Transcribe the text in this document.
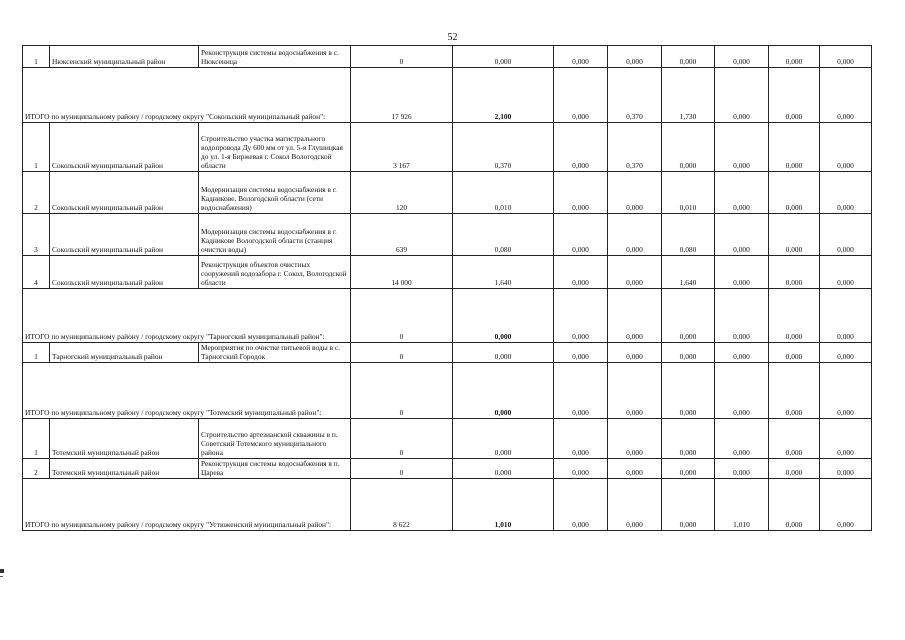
52
1	Нюксенский муниципальный район	Реконструкция системы водоснабжения в с. Нюксеница	0	0,000	0,000	0,000	0,000	0,000	0,000	0,000
ИТОГО по муниципальному району / городскому округу "Сокольский муниципальный район":			17 926	2,100	0,000	0,370	1,730	0,000	0,000	0,000
1	Сокольский муниципальный район	Строительство участка магистрального водопровода Ду 600 мм от ул. 5-я Глушицкая до ул. 1-я Биржевая г. Сокол Вологодской области	3 167	0,370	0,000	0,370	0,000	0,000	0,000	0,000
2	Сокольский муниципальный район	Модернизация системы водоснабжения в г. Кадникове, Вологодской области (сети водоснабжения)	120	0,010	0,000	0,000	0,010	0,000	0,000	0,000
3	Сокольский муниципальный район	Модернизация системы водоснабжения в г. Кадникове Вологодской области (станция очистки воды)	639	0,080	0,000	0,000	0,080	0,000	0,000	0,000
4	Сокольский муниципальный район	Реконструкция объектов очистных сооружений водозабора г. Сокол, Вологодской области	14 000	1,640	0,000	0,000	1,640	0,000	0,000	0,000
ИТОГО по муниципальному району / городскому округу "Тарногский муниципальный район":			0	0,000	0,000	0,000	0,000	0,000	0,000	0,000
1	Тарногский муниципальный район	Мероприятия по очистке питьевой воды в с. Тарногский Городок	0	0,000	0,000	0,000	0,000	0,000	0,000	0,000
ИТОГО по муниципальному району / городскому округу "Тотемский муниципальный район":			0	0,000	0,000	0,000	0,000	0,000	0,000	0,000
1	Тотемский муниципальный район	Строительство артезианской скважины в п. Советский Тотемского муниципального района	0	0,000	0,000	0,000	0,000	0,000	0,000	0,000
2	Тотемский муниципальный район	Реконструкция системы водоснабжения в п. Царева	0	0,000	0,000	0,000	0,000	0,000	0,000	0,000
ИТОГО по муниципальному району / городскому округу "Устюженский муниципальный район":			8 622	1,010	0,000	0,000	0,000	1,010	0,000	0,000
